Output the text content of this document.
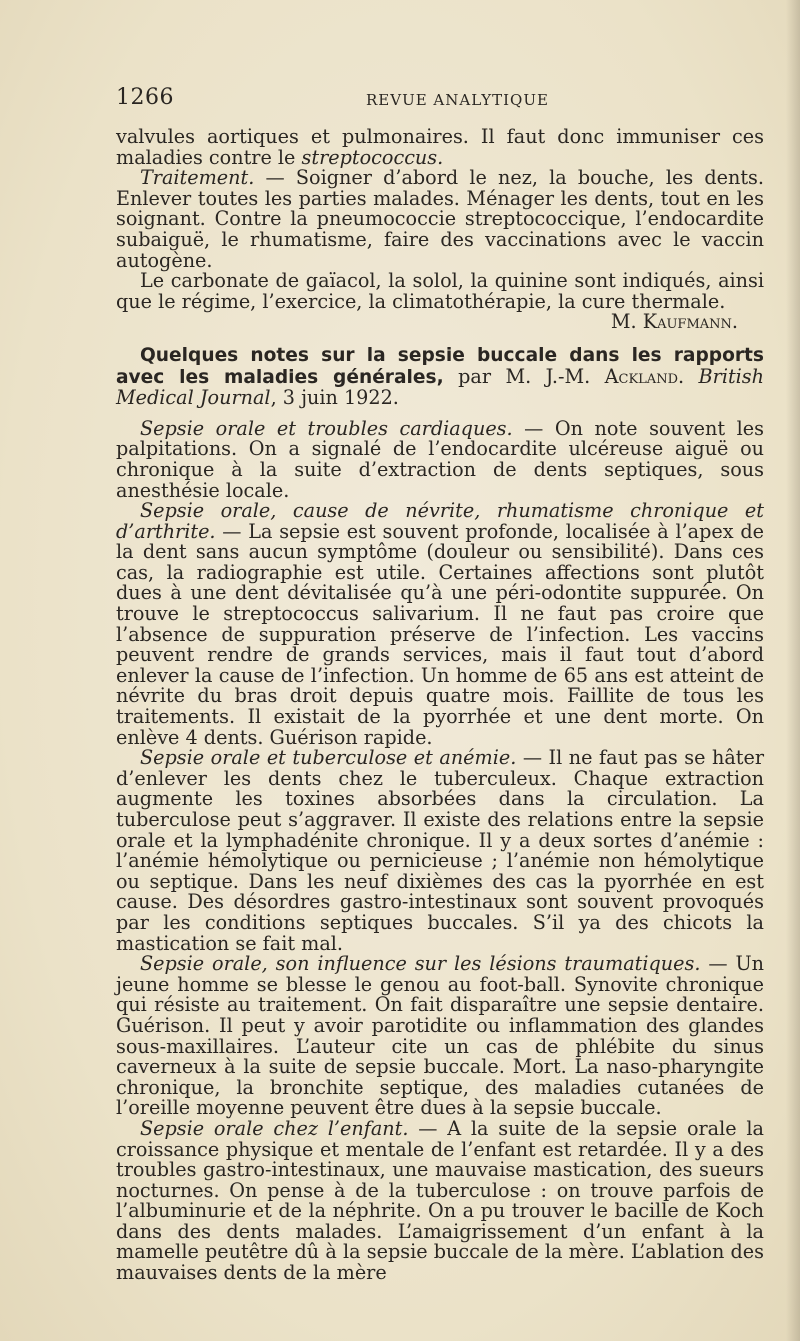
1266	REVUE ANALYTIQUE

valvules aortiques et pulmonaires. Il faut donc immuniser ces maladies contre le streptococcus.

Traitement. — Soigner d’abord le nez, la bouche, les dents. Enlever toutes les parties malades. Ménager les dents, tout en les soignant. Contre la pneumococcie streptococcique, l’endocardite subaiguë, le rhumatisme, faire des vaccinations avec le vaccin autogène.

Le carbonate de gaïacol, la solol, la quinine sont indiqués, ainsi que le régime, l’exercice, la climatothérapie, la cure thermale.

M. Kaufmann.

Quelques notes sur la sepsie buccale dans les rapports avec les maladies générales, par M. J.-M. Ackland. British Medical Journal, 3 juin 1922.

Sepsie orale et troubles cardiaques. — On note souvent les palpitations. On a signalé de l’endocardite ulcéreuse aiguë ou chronique à la suite d’extraction de dents septiques, sous anesthésie locale.

Sepsie orale, cause de névrite, rhumatisme chronique et d’arthrite. — La sepsie est souvent profonde, localisée à l’apex de la dent sans aucun symptôme (douleur ou sensibilité). Dans ces cas, la radiographie est utile. Certaines affections sont plutôt dues à une dent dévitalisée qu’à une péri-odontite suppurée. On trouve le streptococcus salivarium. Il ne faut pas croire que l’absence de suppuration préserve de l’infection. Les vaccins peuvent rendre de grands services, mais il faut tout d’abord enlever la cause de l’infection. Un homme de 65 ans est atteint de névrite du bras droit depuis quatre mois. Faillite de tous les traitements. Il existait de la pyorrhée et une dent morte. On enlève 4 dents. Guérison rapide.

Sepsie orale et tuberculose et anémie. — Il ne faut pas se hâter d’enlever les dents chez le tuberculeux. Chaque extraction augmente les toxines absorbées dans la circulation. La tuberculose peut s’aggraver. Il existe des relations entre la sepsie orale et la lymphadénite chronique. Il y a deux sortes d’anémie : l’anémie hémolytique ou pernicieuse ; l’anémie non hémolytique ou septique. Dans les neuf dixièmes des cas la pyorrhée en est cause. Des désordres gastro-intestinaux sont souvent provoqués par les conditions septiques buccales. S’il ya des chicots la mastication se fait mal.

Sepsie orale, son influence sur les lésions traumatiques. — Un jeune homme se blesse le genou au foot-ball. Synovite chronique qui résiste au traitement. On fait disparaître une sepsie dentaire. Guérison. Il peut y avoir parotidite ou inflammation des glandes sous-maxillaires. L’auteur cite un cas de phlébite du sinus caverneux à la suite de sepsie buccale. Mort. La naso-pharyngite chronique, la bronchite septique, des maladies cutanées de l’oreille moyenne peuvent être dues à la sepsie buccale.

Sepsie orale chez l’enfant. — A la suite de la sepsie orale la croissance physique et mentale de l’enfant est retardée. Il y a des troubles gastro-intestinaux, une mauvaise mastication, des sueurs nocturnes. On pense à de la tuberculose : on trouve parfois de l’albuminurie et de la néphrite. On a pu trouver le bacille de Koch dans des dents malades. L’amaigrissement d’un enfant à la mamelle peutêtre dû à la sepsie buccale de la mère. L’ablation des mauvaises dents de la mère
